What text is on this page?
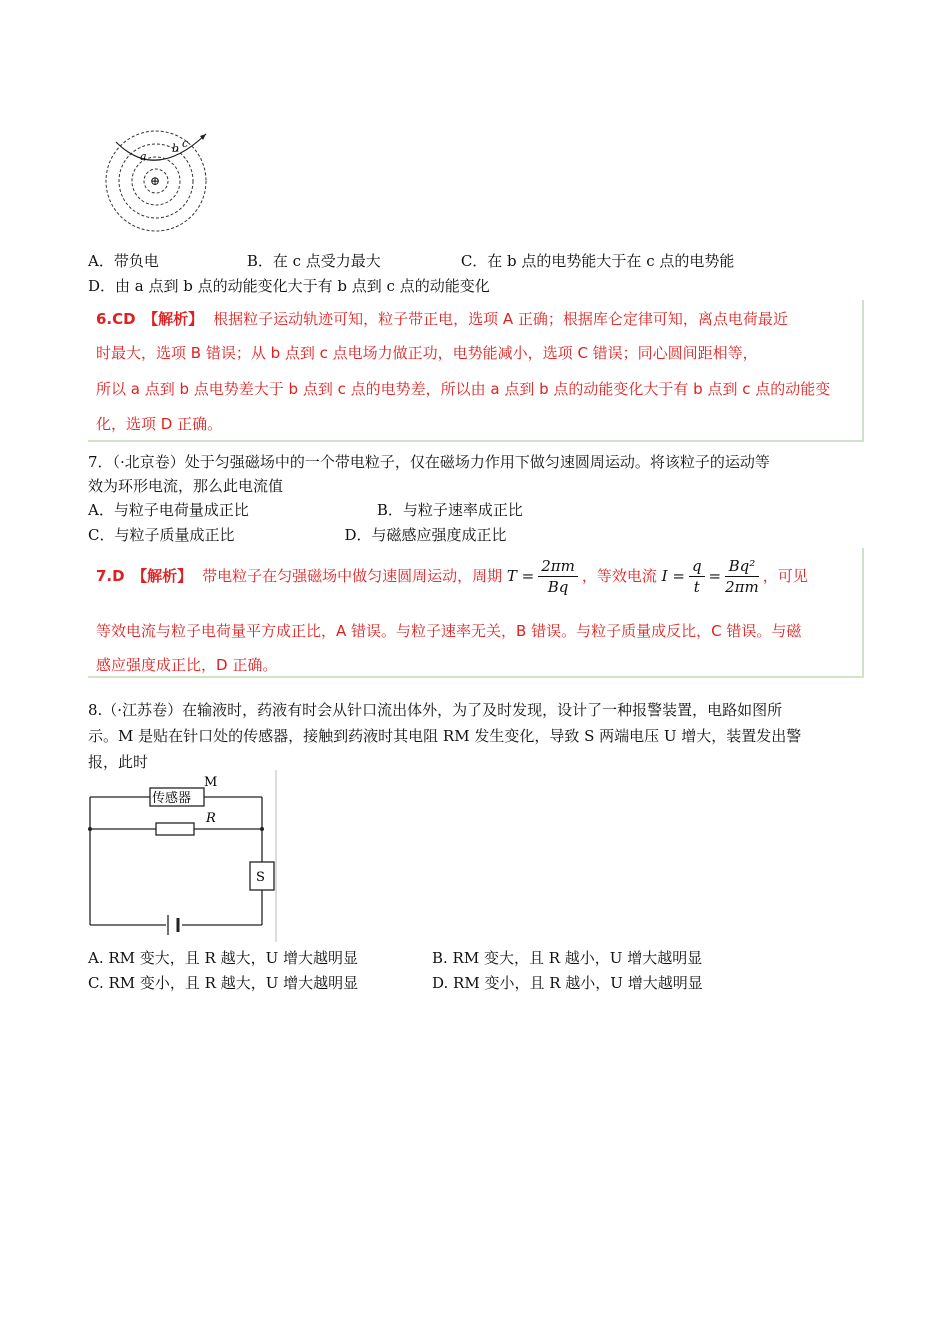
a
b c
⊕
A．带负电	B．在 c 点受力最大	C．在 b 点的电势能大于在 c 点的电势能
D．由 a 点到 b 点的动能变化大于有 b 点到 c 点的动能变化
6.CD　【解析】 根据粒子运动轨迹可知，粒子带正电，选项 A 正确；根据库仑定律可知，离点电荷最近
时最大，选项 B 错误；从 b 点到 c 点电场力做正功，电势能减小，选项 C 错误；同心圆间距相等，
所以 a 点到 b 点电势差大于 b 点到 c 点的电势差，所以由 a 点到 b 点的动能变化大于有 b 点到 c 点的动能变
化，选项 D 正确。
7．（·北京卷）处于匀强磁场中的一个带电粒子，仅在磁场力作用下做匀速圆周运动。将该粒子的运动等
效为环形电流，那么此电流值
A．与粒子电荷量成正比	B．与粒子速率成正比
C．与粒子质量成正比	D．与磁感应强度成正比
7.D　【解析】 带电粒子在匀强磁场中做匀速圆周运动，周期 $T = \frac{2\pi m}{Bq}$ ，等效电流 $I = \frac{q}{t} = \frac{\text{Bq²}}{2\pi m}$ ，可见
等效电流与粒子电荷量平方成正比，A 错误。与粒子速率无关，B 错误。与粒子质量成反比，C 错误。与磁
感应强度成正比，D 正确。
8.（·江苏卷）在输液时，药液有时会从针口流出体外，为了及时发现，设计了一种报警装置，电路如图所
示。M 是贴在针口处的传感器，接触到药液时其电阻 RM 发生变化，导致 S 两端电压 U 增大，装置发出警
报，此时
M
传感器
R
S
A. RM 变大，且 R 越大，U 增大越明显	B. RM 变大，且 R 越小，U 增大越明显
C. RM 变小，且 R 越大，U 增大越明显	D. RM 变小，且 R 越小，U 增大越明显
